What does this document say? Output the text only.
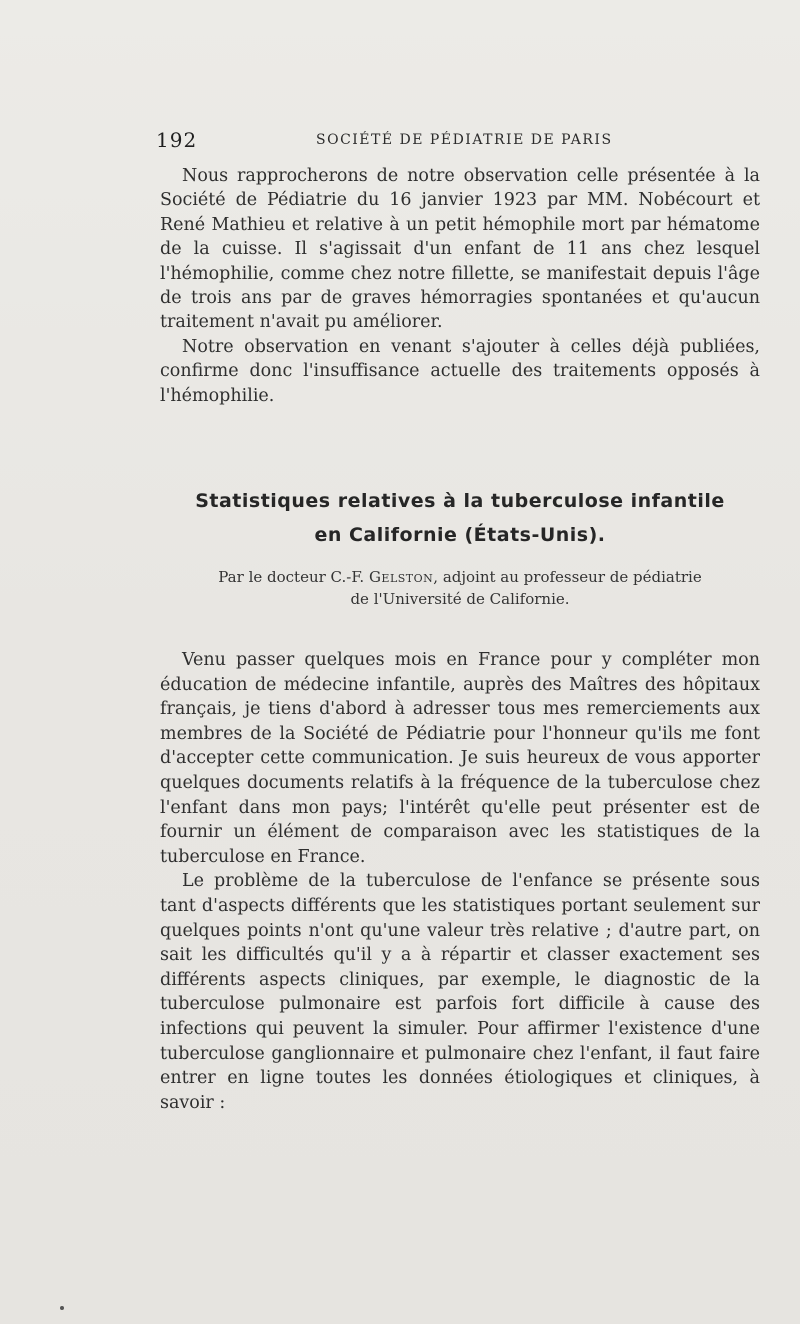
192	SOCIÉTÉ DE PÉDIATRIE DE PARIS

Nous rapprocherons de notre observation celle présentée à la Société de Pédiatrie du 16 janvier 1923 par MM. Nobécourt et René Mathieu et relative à un petit hémophile mort par hématome de la cuisse. Il s'agissait d'un enfant de 11 ans chez lesquel l'hémophilie, comme chez notre fillette, se manifestait depuis l'âge de trois ans par de graves hémorragies spontanées et qu'aucun traitement n'avait pu améliorer.

Notre observation en venant s'ajouter à celles déjà publiées, confirme donc l'insuffisance actuelle des traitements opposés à l'hémophilie.

Statistiques relatives à la tuberculose infantile
en Californie (États-Unis).
Par le docteur C.-F. Gelston, adjoint au professeur de pédiatrie
de l'Université de Californie.

Venu passer quelques mois en France pour y compléter mon éducation de médecine infantile, auprès des Maîtres des hôpitaux français, je tiens d'abord à adresser tous mes remerciements aux membres de la Société de Pédiatrie pour l'honneur qu'ils me font d'accepter cette communication. Je suis heureux de vous apporter quelques documents relatifs à la fréquence de la tuberculose chez l'enfant dans mon pays; l'intérêt qu'elle peut présenter est de fournir un élément de comparaison avec les statistiques de la tuberculose en France.

Le problème de la tuberculose de l'enfance se présente sous tant d'aspects différents que les statistiques portant seulement sur quelques points n'ont qu'une valeur très relative ; d'autre part, on sait les difficultés qu'il y a à répartir et classer exactement ses différents aspects cliniques, par exemple, le diagnostic de la tuberculose pulmonaire est parfois fort difficile à cause des infections qui peuvent la simuler. Pour affirmer l'existence d'une tuberculose ganglionnaire et pulmonaire chez l'enfant, il faut faire entrer en ligne toutes les données étiologiques et cliniques, à savoir :
